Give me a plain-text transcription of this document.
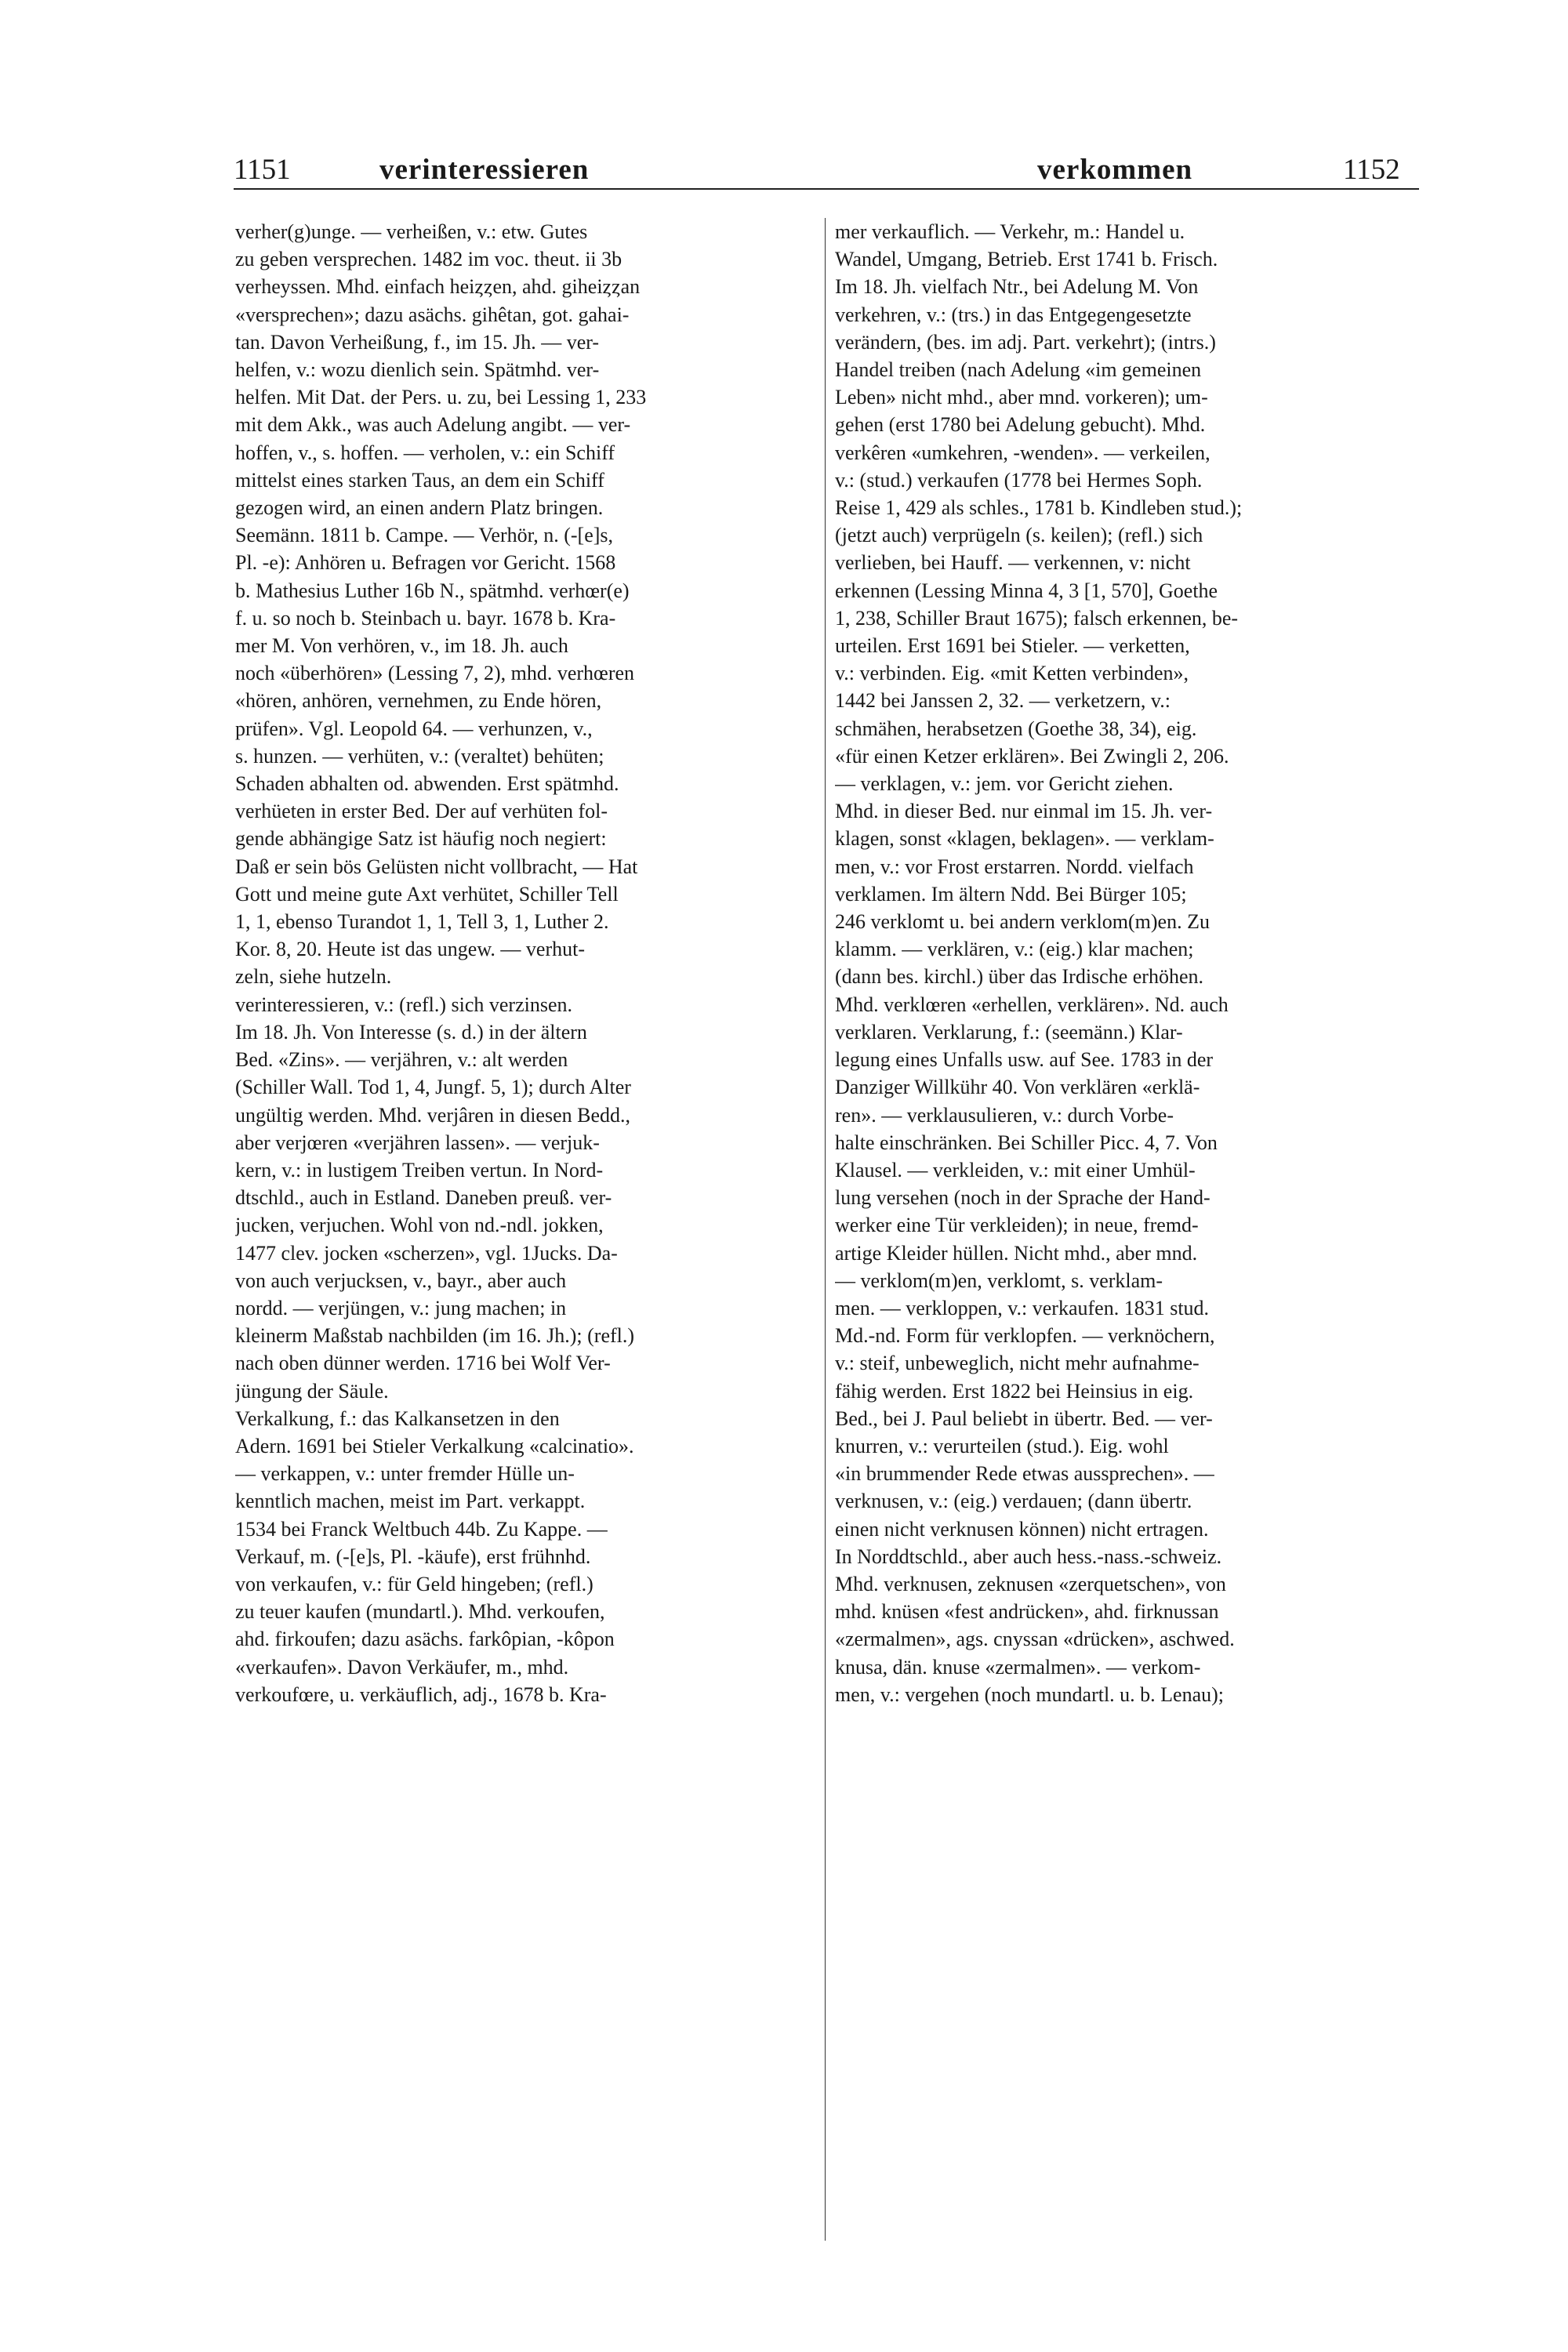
1151	verinteressieren	verkommen	1152
verher(g)unge. — verheißen, v.: etw. Gutes
zu geben versprechen. 1482 im voc. theut. ii 3b
verheyssen. Mhd. einfach heiȥȥen, ahd. giheiȥȥan
«versprechen»; dazu asächs. gihêtan, got. gahai-
tan. Davon Verheißung, f., im 15. Jh. — ver-
helfen, v.: wozu dienlich sein. Spätmhd. ver-
helfen. Mit Dat. der Pers. u. zu, bei Lessing 1, 233
mit dem Akk., was auch Adelung angibt. — ver-
hoffen, v., s. hoffen. — verholen, v.: ein Schiff
mittelst eines starken Taus, an dem ein Schiff
gezogen wird, an einen andern Platz bringen.
Seemänn. 1811 b. Campe. — Verhör, n. (-[e]s,
Pl. -e): Anhören u. Befragen vor Gericht. 1568
b. Mathesius Luther 16b N., spätmhd. verhœr(e)
f. u. so noch b. Steinbach u. bayr. 1678 b. Kra-
mer M. Von verhören, v., im 18. Jh. auch
noch «überhören» (Lessing 7, 2), mhd. verhœren
«hören, anhören, vernehmen, zu Ende hören,
prüfen». Vgl. Leopold 64. — verhunzen, v.,
s. hunzen. — verhüten, v.: (veraltet) behüten;
Schaden abhalten od. abwenden. Erst spätmhd.
verhüeten in erster Bed. Der auf verhüten fol-
gende abhängige Satz ist häufig noch negiert:
Daß er sein bös Gelüsten nicht vollbracht, — Hat
Gott und meine gute Axt verhütet, Schiller Tell
1, 1, ebenso Turandot 1, 1, Tell 3, 1, Luther 2.
Kor. 8, 20. Heute ist das ungew. — verhut-
zeln, siehe hutzeln.
verinteressieren, v.: (refl.) sich verzinsen.
Im 18. Jh. Von Interesse (s. d.) in der ältern
Bed. «Zins». — verjähren, v.: alt werden
(Schiller Wall. Tod 1, 4, Jungf. 5, 1); durch Alter
ungültig werden. Mhd. verjâren in diesen Bedd.,
aber verjœren «verjähren lassen». — verjuk-
kern, v.: in lustigem Treiben vertun. In Nord-
dtschld., auch in Estland. Daneben preuß. ver-
jucken, verjuchen. Wohl von nd.-ndl. jokken,
1477 clev. jocken «scherzen», vgl. 1Jucks. Da-
von auch verjucksen, v., bayr., aber auch
nordd. — verjüngen, v.: jung machen; in
kleinerm Maßstab nachbilden (im 16. Jh.); (refl.)
nach oben dünner werden. 1716 bei Wolf Ver-
jüngung der Säule.
Verkalkung, f.: das Kalkansetzen in den
Adern. 1691 bei Stieler Verkalkung «calcinatio».
— verkappen, v.: unter fremder Hülle un-
kenntlich machen, meist im Part. verkappt.
1534 bei Franck Weltbuch 44b. Zu Kappe. —
Verkauf, m. (-[e]s, Pl. -käufe), erst frühnhd.
von verkaufen, v.: für Geld hingeben; (refl.)
zu teuer kaufen (mundartl.). Mhd. verkoufen,
ahd. firkoufen; dazu asächs. farkôpian, -kôpon
«verkaufen». Davon Verkäufer, m., mhd.
verkoufœre, u. verkäuflich, adj., 1678 b. Kra-
mer verkauflich. — Verkehr, m.: Handel u.
Wandel, Umgang, Betrieb. Erst 1741 b. Frisch.
Im 18. Jh. vielfach Ntr., bei Adelung M. Von
verkehren, v.: (trs.) in das Entgegengesetzte
verändern, (bes. im adj. Part. verkehrt); (intrs.)
Handel treiben (nach Adelung «im gemeinen
Leben» nicht mhd., aber mnd. vorkeren); um-
gehen (erst 1780 bei Adelung gebucht). Mhd.
verkêren «umkehren, -wenden». — verkeilen,
v.: (stud.) verkaufen (1778 bei Hermes Soph.
Reise 1, 429 als schles., 1781 b. Kindleben stud.);
(jetzt auch) verprügeln (s. keilen); (refl.) sich
verlieben, bei Hauff. — verkennen, v: nicht
erkennen (Lessing Minna 4, 3 [1, 570], Goethe
1, 238, Schiller Braut 1675); falsch erkennen, be-
urteilen. Erst 1691 bei Stieler. — verketten,
v.: verbinden. Eig. «mit Ketten verbinden»,
1442 bei Janssen 2, 32. — verketzern, v.:
schmähen, herabsetzen (Goethe 38, 34), eig.
«für einen Ketzer erklären». Bei Zwingli 2, 206.
— verklagen, v.: jem. vor Gericht ziehen.
Mhd. in dieser Bed. nur einmal im 15. Jh. ver-
klagen, sonst «klagen, beklagen». — verklam-
men, v.: vor Frost erstarren. Nordd. vielfach
verklamen. Im ältern Ndd. Bei Bürger 105;
246 verklomt u. bei andern verklom(m)en. Zu
klamm. — verklären, v.: (eig.) klar machen;
(dann bes. kirchl.) über das Irdische erhöhen.
Mhd. verklœren «erhellen, verklären». Nd. auch
verklaren. Verklarung, f.: (seemänn.) Klar-
legung eines Unfalls usw. auf See. 1783 in der
Danziger Willkühr 40. Von verklären «erklä-
ren». — verklausulieren, v.: durch Vorbe-
halte einschränken. Bei Schiller Picc. 4, 7. Von
Klausel. — verkleiden, v.: mit einer Umhül-
lung versehen (noch in der Sprache der Hand-
werker eine Tür verkleiden); in neue, fremd-
artige Kleider hüllen. Nicht mhd., aber mnd.
— verklom(m)en, verklomt, s. verklam-
men. — verkloppen, v.: verkaufen. 1831 stud.
Md.-nd. Form für verklopfen. — verknöchern,
v.: steif, unbeweglich, nicht mehr aufnahme-
fähig werden. Erst 1822 bei Heinsius in eig.
Bed., bei J. Paul beliebt in übertr. Bed. — ver-
knurren, v.: verurteilen (stud.). Eig. wohl
«in brummender Rede etwas aussprechen». —
verknusen, v.: (eig.) verdauen; (dann übertr.
einen nicht verknusen können) nicht ertragen.
In Norddtschld., aber auch hess.-nass.-schweiz.
Mhd. verknusen, zeknusen «zerquetschen», von
mhd. knüsen «fest andrücken», ahd. firknussan
«zermalmen», ags. cnyssan «drücken», aschwed.
knusa, dän. knuse «zermalmen». — verkom-
men, v.: vergehen (noch mundartl. u. b. Lenau);
